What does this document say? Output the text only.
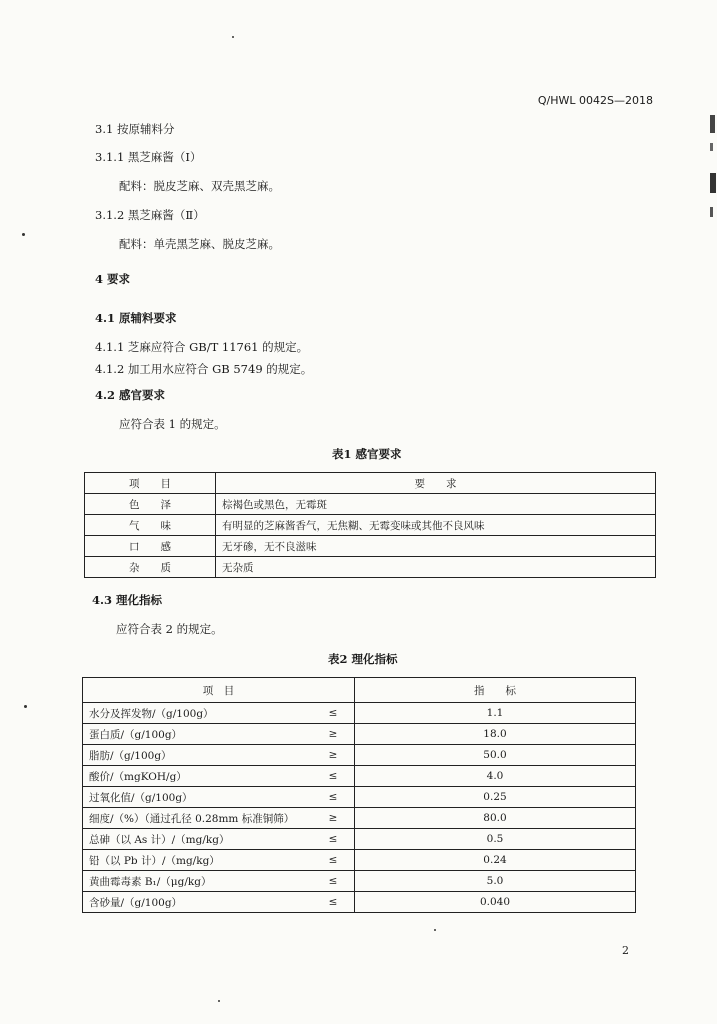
Q/HWL 0042S—2018
3.1 按原辅料分
3.1.1 黑芝麻酱（Ⅰ）
配料：脱皮芝麻、双壳黑芝麻。
3.1.2 黑芝麻酱（Ⅱ）
配料：单壳黑芝麻、脱皮芝麻。
4 要求
4.1 原辅料要求
4.1.1 芝麻应符合 GB/T 11761 的规定。
4.1.2 加工用水应符合 GB 5749 的规定。
4.2 感官要求
应符合表 1 的规定。
表1 感官要求
项　　目	要　　求
色　　泽	棕褐色或黑色，无霉斑
气　　味	有明显的芝麻酱香气，无焦糊、无霉变味或其他不良风味
口　　感	无牙碜，无不良滋味
杂　　质	无杂质
4.3 理化指标
应符合表 2 的规定。
表2 理化指标
项　目		指　　标
水分及挥发物/（g/100g）	≤	1.1
蛋白质/（g/100g）	≥	18.0
脂肪/（g/100g）	≥	50.0
酸价/（mgKOH/g）	≤	4.0
过氧化值/（g/100g）	≤	0.25
细度/（%）（通过孔径 0.28mm 标准铜筛）	≥	80.0
总砷（以 As 计）/（mg/kg）	≤	0.5
铅（以 Pb 计）/（mg/kg）	≤	0.24
黄曲霉毒素 B₁/（μg/kg）	≤	5.0
含砂量/（g/100g）	≤	0.040
2
